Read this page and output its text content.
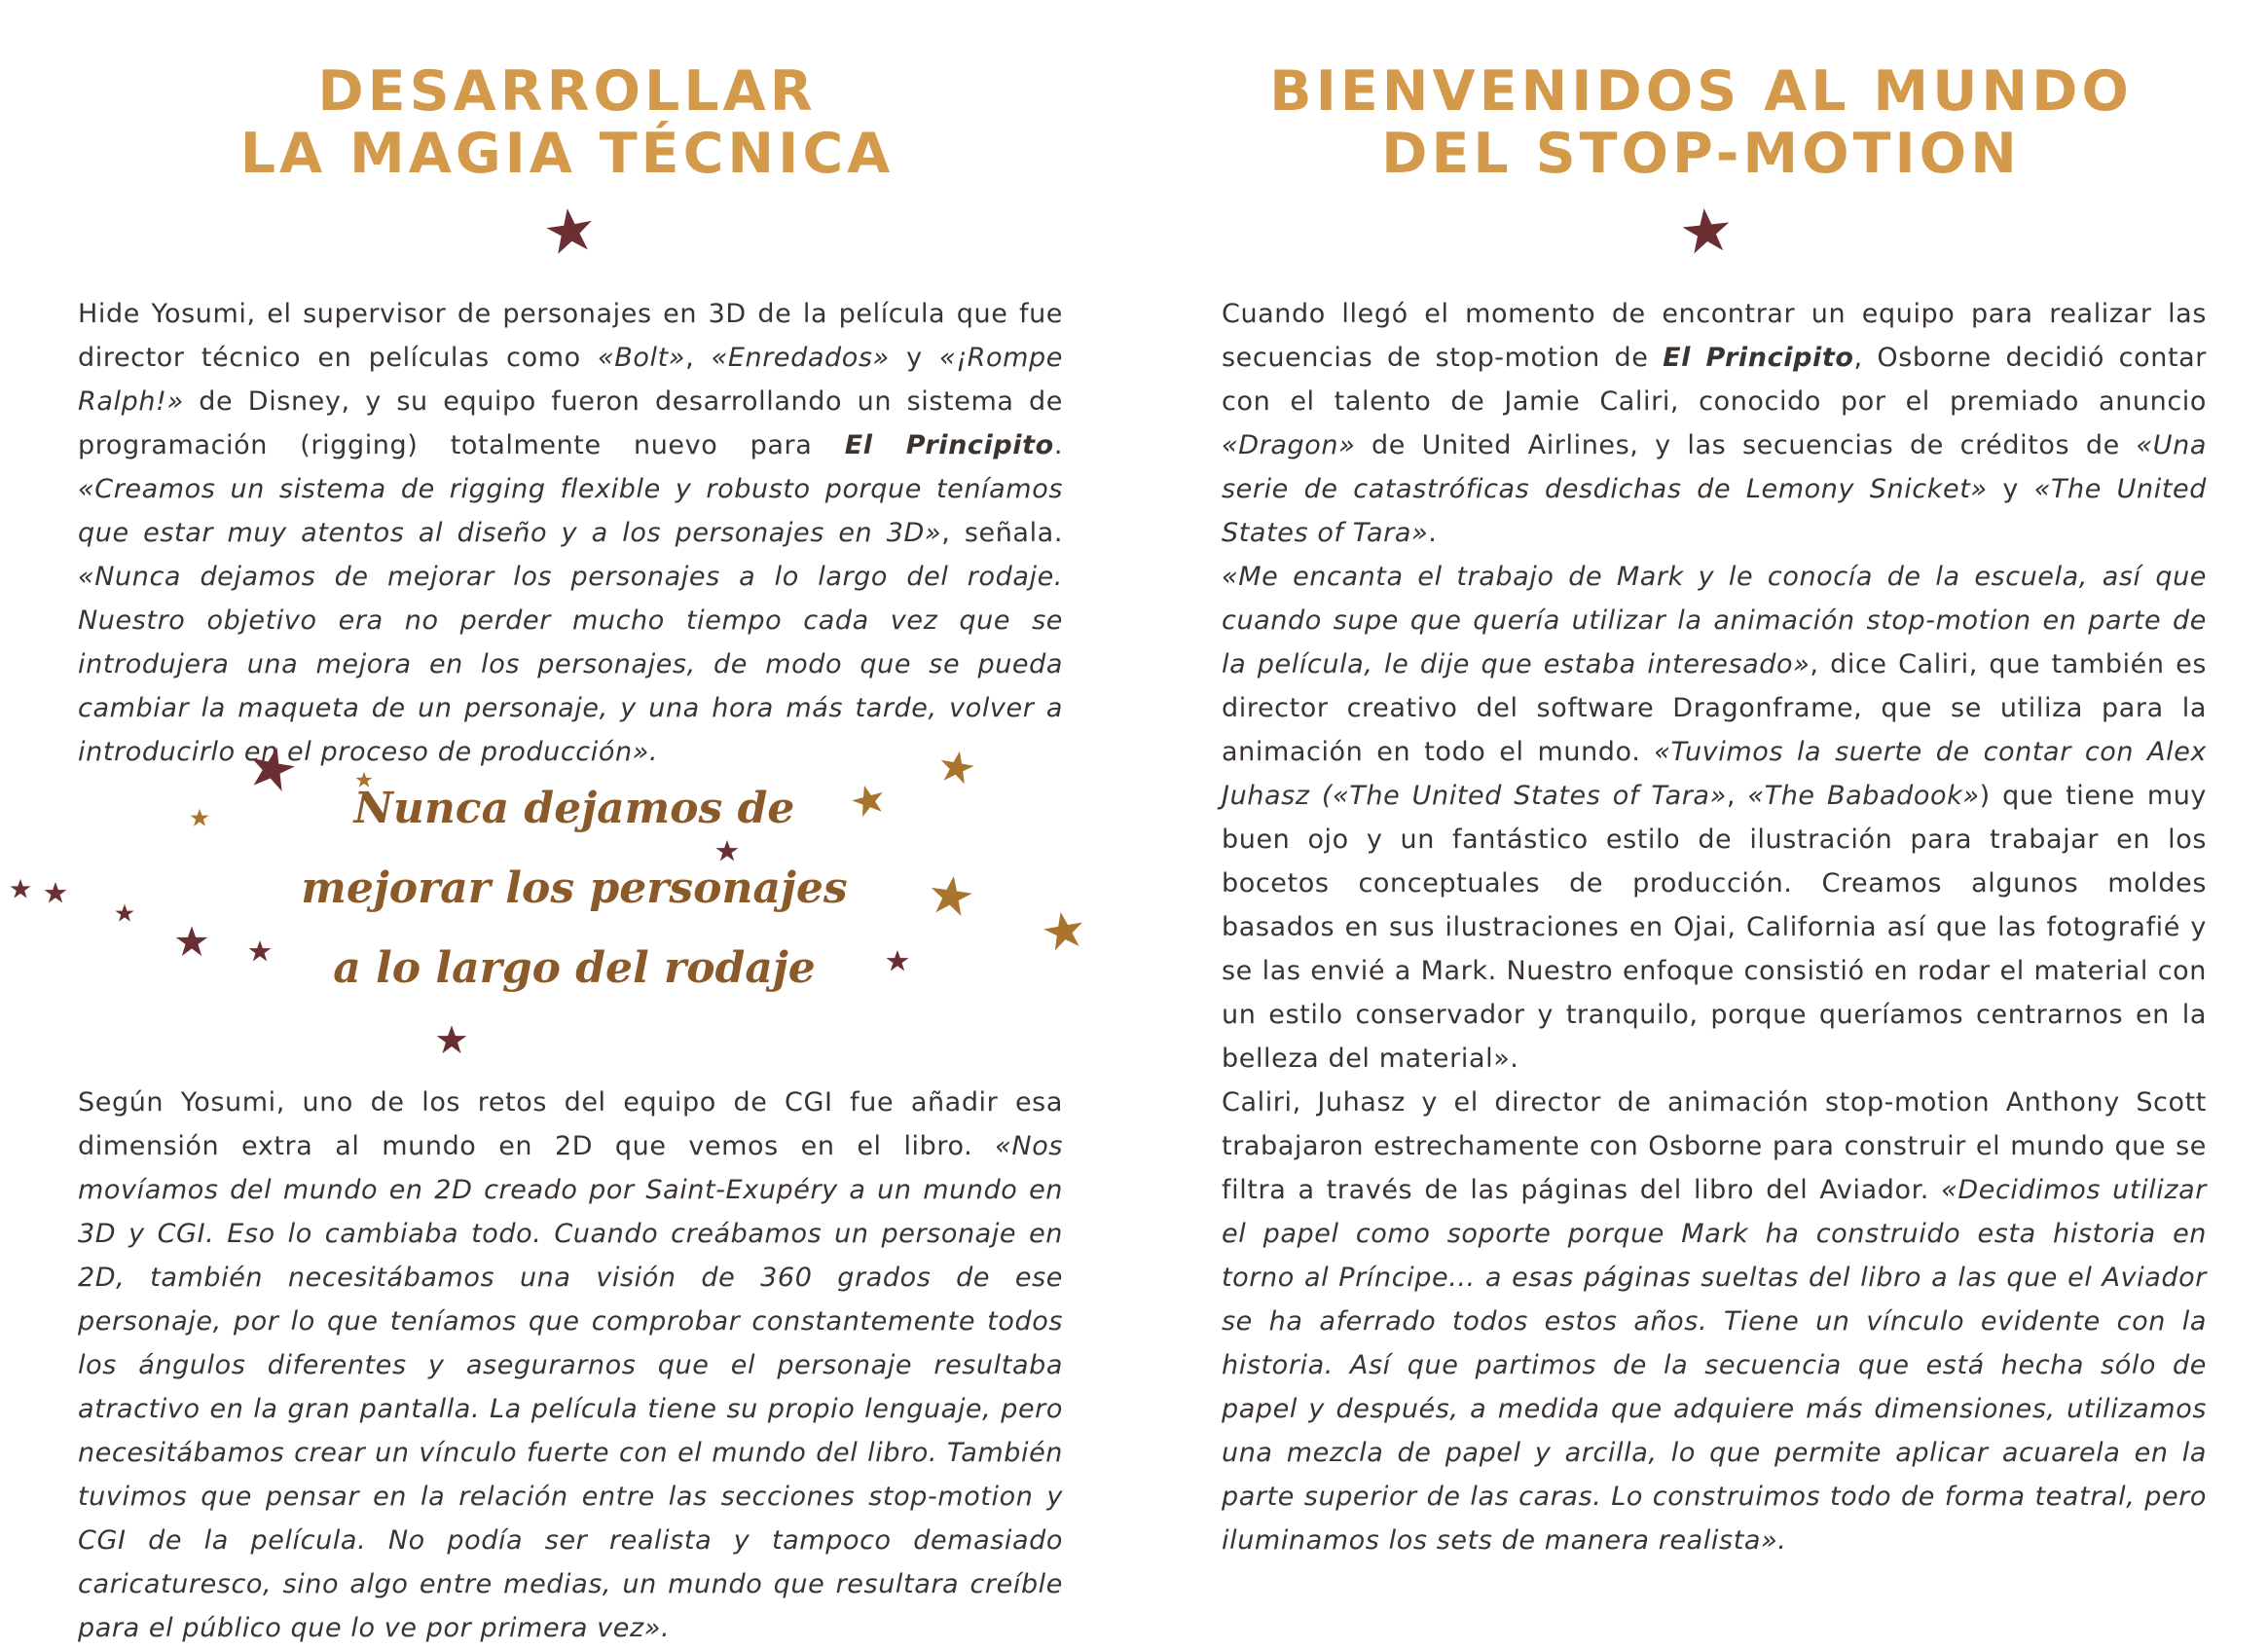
DESARROLLAR
LA MAGIA TÉCNICA

Hide Yosumi, el supervisor de personajes en 3D de la película que fue director técnico en películas como «Bolt», «Enredados» y «¡Rompe Ralph!» de Disney, y su equipo fueron desarrollando un sistema de programación (rigging) totalmente nuevo para El Principito. «Creamos un sistema de rigging flexible y robusto porque teníamos que estar muy atentos al diseño y a los personajes en 3D», señala. «Nunca dejamos de mejorar los personajes a lo largo del rodaje. Nuestro objetivo era no perder mucho tiempo cada vez que se introdujera una mejora en los personajes, de modo que se pueda cambiar la maqueta de un personaje, y una hora más tarde, volver a introducirlo en el proceso de producción».

Nunca dejamos de
mejorar los personajes
a lo largo del rodaje

Según Yosumi, uno de los retos del equipo de CGI fue añadir esa dimensión extra al mundo en 2D que vemos en el libro. «Nos movíamos del mundo en 2D creado por Saint-Exupéry a un mundo en 3D y CGI. Eso lo cambiaba todo. Cuando creábamos un personaje en 2D, también necesitábamos una visión de 360 grados de ese personaje, por lo que teníamos que comprobar constantemente todos los ángulos diferentes y asegurarnos que el personaje resultaba atractivo en la gran pantalla. La película tiene su propio lenguaje, pero necesitábamos crear un vínculo fuerte con el mundo del libro. También tuvimos que pensar en la relación entre las secciones stop-motion y CGI de la película. No podía ser realista y tampoco demasiado caricaturesco, sino algo entre medias, un mundo que resultara creíble para el público que lo ve por primera vez».

BIENVENIDOS AL MUNDO
DEL STOP-MOTION

Cuando llegó el momento de encontrar un equipo para realizar las secuencias de stop-motion de El Principito, Osborne decidió contar con el talento de Jamie Caliri, conocido por el premiado anuncio «Dragon» de United Airlines, y las secuencias de créditos de «Una serie de catastróficas desdichas de Lemony Snicket» y «The United States of Tara».

«Me encanta el trabajo de Mark y le conocía de la escuela, así que cuando supe que quería utilizar la animación stop-motion en parte de la película, le dije que estaba interesado», dice Caliri, que también es director creativo del software Dragonframe, que se utiliza para la animación en todo el mundo. «Tuvimos la suerte de contar con Alex Juhasz («The United States of Tara», «The Babadook») que tiene muy buen ojo y un fantástico estilo de ilustración para trabajar en los bocetos conceptuales de producción. Creamos algunos moldes basados en sus ilustraciones en Ojai, California así que las fotografié y se las envié a Mark. Nuestro enfoque consistió en rodar el material con un estilo conservador y tranquilo, porque queríamos centrarnos en la belleza del material».

Caliri, Juhasz y el director de animación stop-motion Anthony Scott trabajaron estrechamente con Osborne para construir el mundo que se filtra a través de las páginas del libro del Aviador. «Decidimos utilizar el papel como soporte porque Mark ha construido esta historia en torno al Príncipe... a esas páginas sueltas del libro a las que el Aviador se ha aferrado todos estos años. Tiene un vínculo evidente con la historia. Así que partimos de la secuencia que está hecha sólo de papel y después, a medida que adquiere más dimensiones, utilizamos una mezcla de papel y arcilla, lo que permite aplicar acuarela en la parte superior de las caras. Lo construimos todo de forma teatral, pero iluminamos los sets de manera realista».
